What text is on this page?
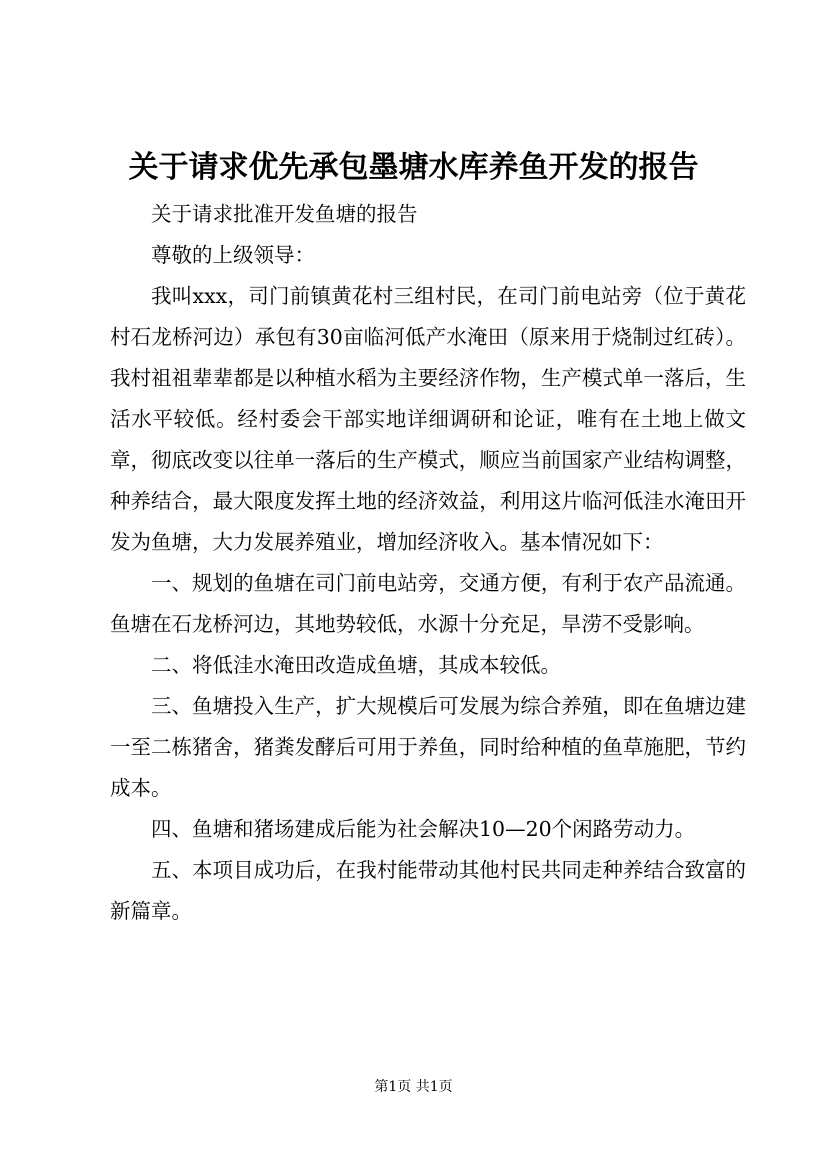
关于请求优先承包墨塘水库养鱼开发的报告

关于请求批准开发鱼塘的报告

尊敬的上级领导：

我叫xxx，司门前镇黄花村三组村民，在司门前电站旁（位于黄花村石龙桥河边）承包有30亩临河低产水淹田（原来用于烧制过红砖）。我村祖祖辈辈都是以种植水稻为主要经济作物，生产模式单一落后，生活水平较低。经村委会干部实地详细调研和论证，唯有在土地上做文章，彻底改变以往单一落后的生产模式，顺应当前国家产业结构调整，种养结合，最大限度发挥土地的经济效益，利用这片临河低洼水淹田开发为鱼塘，大力发展养殖业，增加经济收入。基本情况如下：

一、规划的鱼塘在司门前电站旁，交通方便，有利于农产品流通。鱼塘在石龙桥河边，其地势较低，水源十分充足，旱涝不受影响。

二、将低洼水淹田改造成鱼塘，其成本较低。

三、鱼塘投入生产，扩大规模后可发展为综合养殖，即在鱼塘边建一至二栋猪舍，猪粪发酵后可用于养鱼，同时给种植的鱼草施肥，节约成本。

四、鱼塘和猪场建成后能为社会解决10—20个闲路劳动力。

五、本项目成功后，在我村能带动其他村民共同走种养结合致富的新篇章。

第1页 共1页
